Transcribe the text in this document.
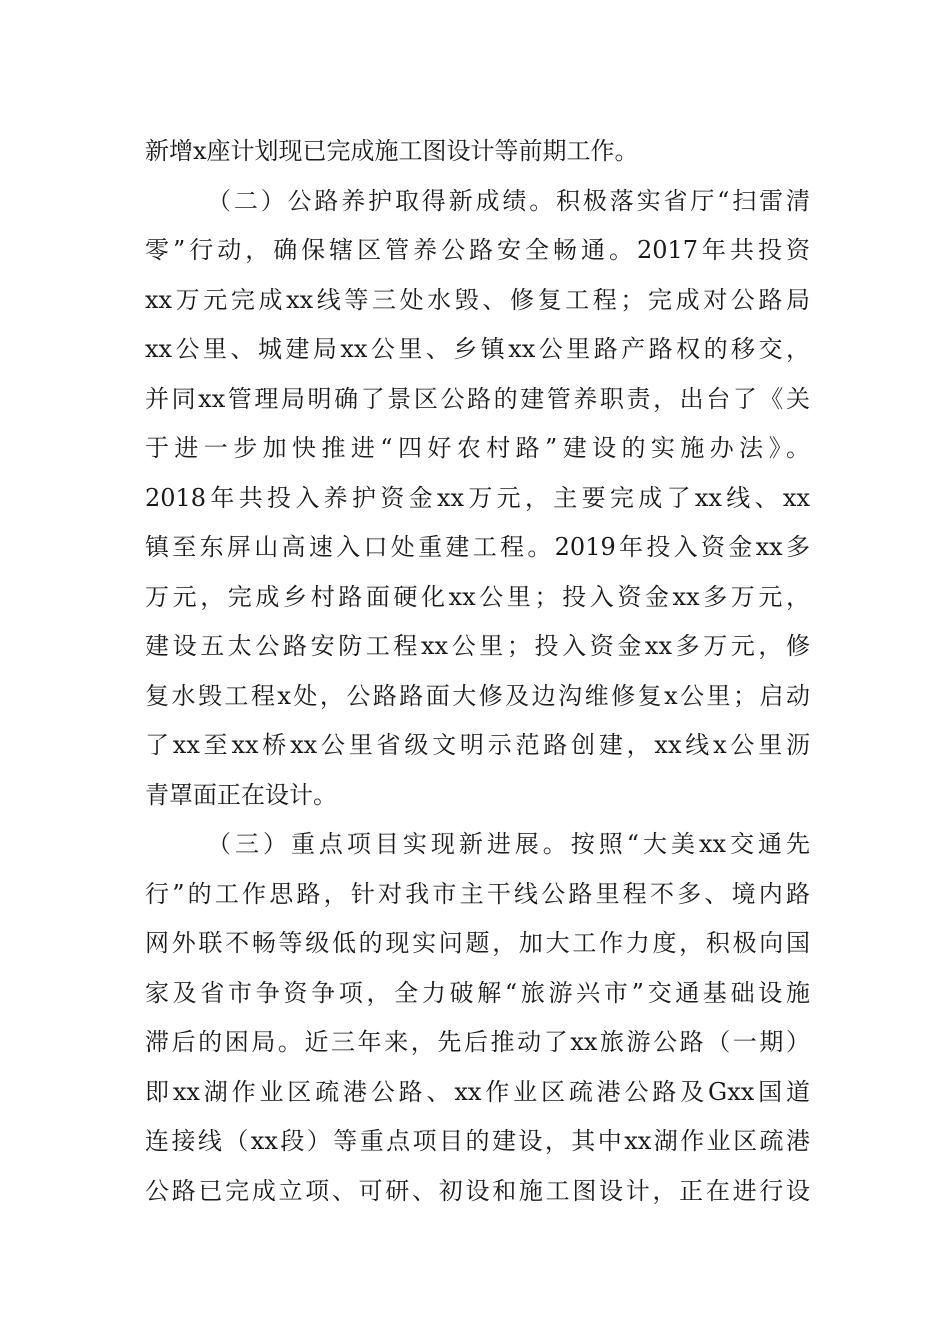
新增x座计划现已完成施工图设计等前期工作。
（二）公路养护取得新成绩。积极落实省厅“扫雷清
零”行动，确保辖区管养公路安全畅通。2017年共投资
xx万元完成xx线等三处水毁、修复工程；完成对公路局
xx公里、城建局xx公里、乡镇xx公里路产路权的移交，
并同xx管理局明确了景区公路的建管养职责，出台了《关
于进一步加快推进“四好农村路”建设的实施办法》。
2018年共投入养护资金xx万元，主要完成了xx线、xx
镇至东屏山高速入口处重建工程。2019年投入资金xx多
万元，完成乡村路面硬化xx公里；投入资金xx多万元，
建设五太公路安防工程xx公里；投入资金xx多万元，修
复水毁工程x处，公路路面大修及边沟维修复x公里；启动
了xx至xx桥xx公里省级文明示范路创建，xx线x公里沥
青罩面正在设计。
（三）重点项目实现新进展。按照“大美xx交通先
行”的工作思路，针对我市主干线公路里程不多、境内路
网外联不畅等级低的现实问题，加大工作力度，积极向国
家及省市争资争项，全力破解“旅游兴市”交通基础设施
滞后的困局。近三年来，先后推动了xx旅游公路（一期）
即xx湖作业区疏港公路、xx作业区疏港公路及Gxx国道
连接线（xx段）等重点项目的建设，其中xx湖作业区疏港
公路已完成立项、可研、初设和施工图设计，正在进行设
